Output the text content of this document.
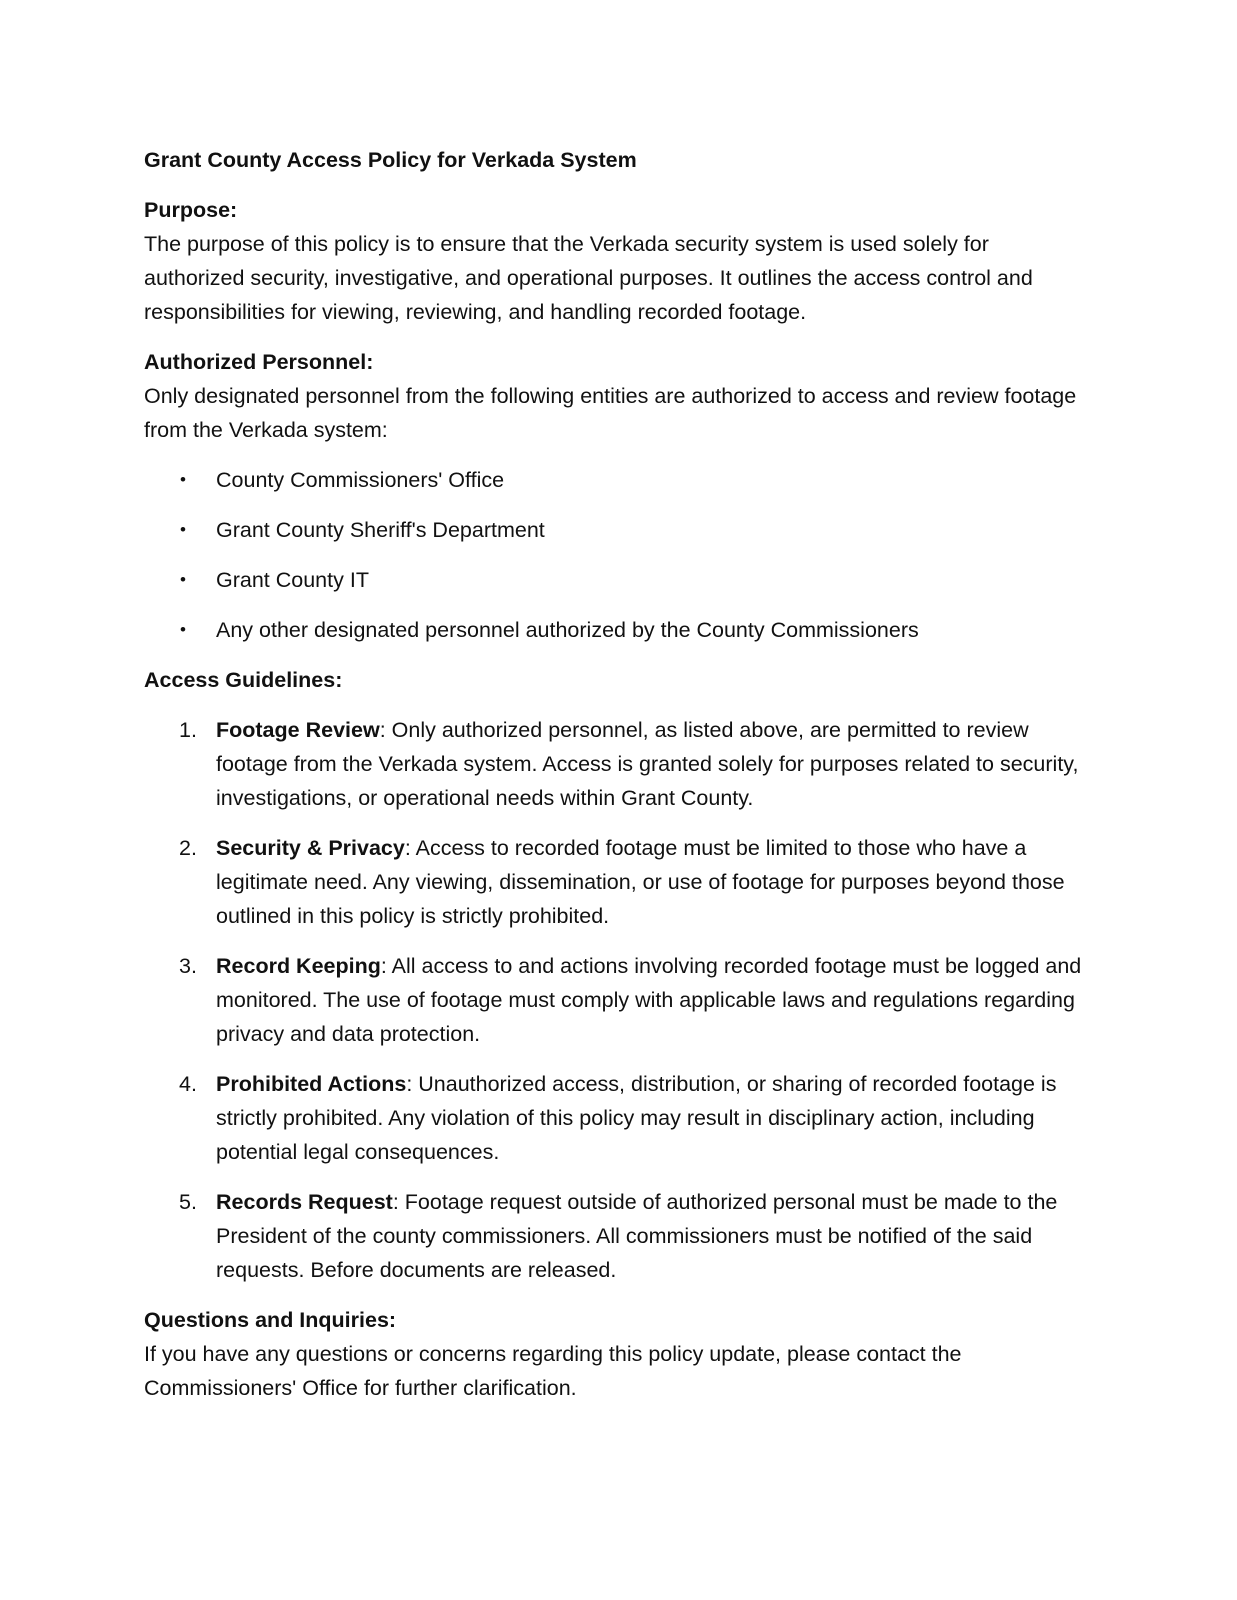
Grant County Access Policy for Verkada System

Purpose:

The purpose of this policy is to ensure that the Verkada security system is used solely for authorized security, investigative, and operational purposes. It outlines the access control and responsibilities for viewing, reviewing, and handling recorded footage.

Authorized Personnel:

Only designated personnel from the following entities are authorized to access and review footage from the Verkada system:

• County Commissioners' Office
• Grant County Sheriff's Department
• Grant County IT
• Any other designated personnel authorized by the County Commissioners

Access Guidelines:

1. Footage Review: Only authorized personnel, as listed above, are permitted to review footage from the Verkada system. Access is granted solely for purposes related to security, investigations, or operational needs within Grant County.
2. Security & Privacy: Access to recorded footage must be limited to those who have a legitimate need. Any viewing, dissemination, or use of footage for purposes beyond those outlined in this policy is strictly prohibited.
3. Record Keeping: All access to and actions involving recorded footage must be logged and monitored. The use of footage must comply with applicable laws and regulations regarding privacy and data protection.
4. Prohibited Actions: Unauthorized access, distribution, or sharing of recorded footage is strictly prohibited. Any violation of this policy may result in disciplinary action, including potential legal consequences.
5. Records Request: Footage request outside of authorized personal must be made to the President of the county commissioners. All commissioners must be notified of the said requests. Before documents are released.

Questions and Inquiries:

If you have any questions or concerns regarding this policy update, please contact the Commissioners' Office for further clarification.
